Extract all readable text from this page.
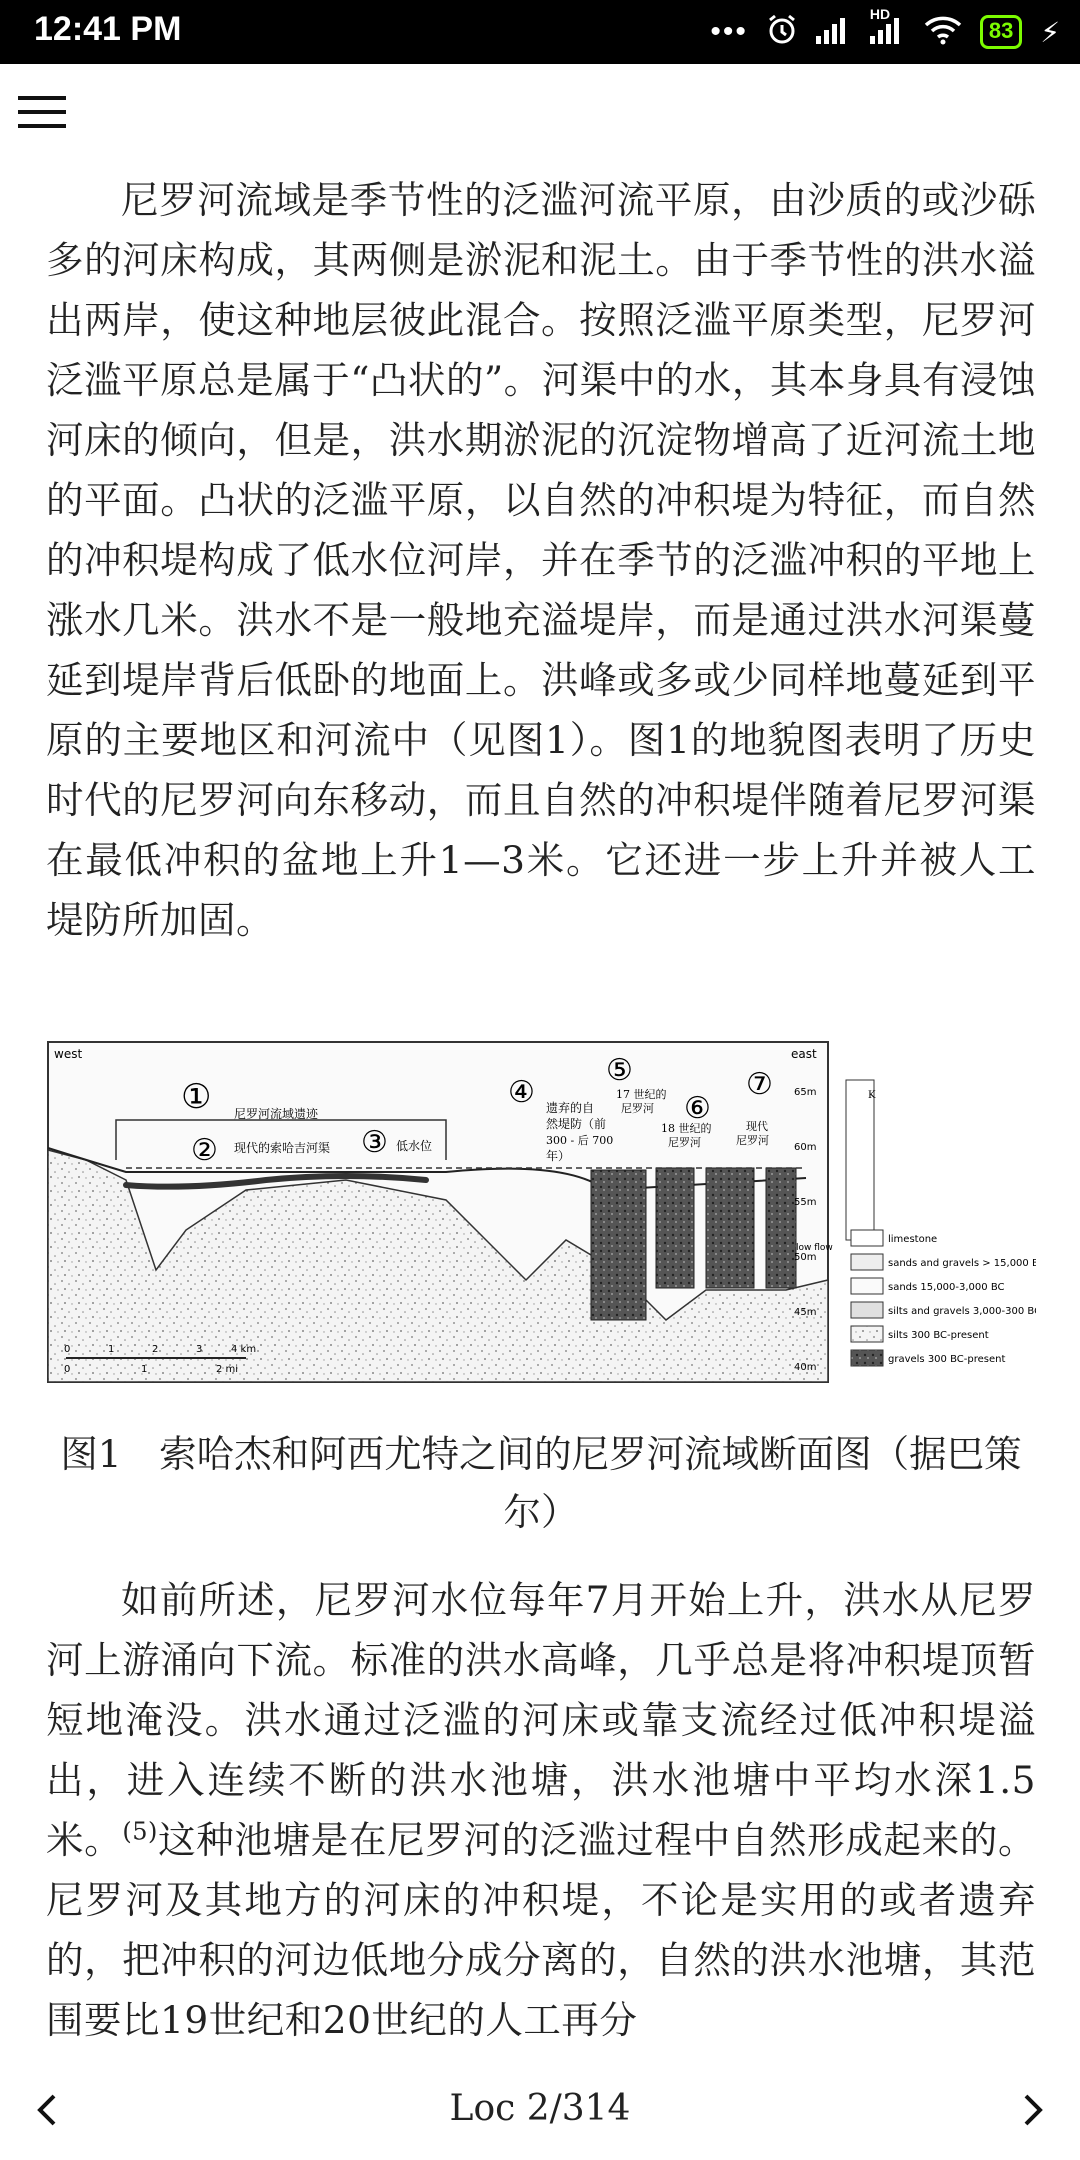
12:41 PM	•••
HD
83 ⚡

尼罗河流域是季节性的泛滥河流平原，由沙质的或沙砾多的河床构成，其两侧是淤泥和泥土。由于季节性的洪水溢出两岸，使这种地层彼此混合。按照泛滥平原类型，尼罗河泛滥平原总是属于“凸状的”。河渠中的水，其本身具有浸蚀河床的倾向，但是，洪水期淤泥的沉淀物增高了近河流土地的平面。凸状的泛滥平原，以自然的冲积堤为特征，而自然的冲积堤构成了低水位河岸，并在季节的泛滥冲积的平地上涨水几米。洪水不是一般地充溢堤岸，而是通过洪水河渠蔓延到堤岸背后低卧的地面上。洪峰或多或少同样地蔓延到平原的主要地区和河流中（见图1）。图1的地貌图表明了历史时代的尼罗河向东移动，而且自然的冲积堤伴随着尼罗河渠在最低冲积的盆地上升1—3米。它还进一步上升并被人工堤防所加固。

west	east
①
②	③
④
⑤
⑥
⑦
尼罗河流域遗迹
现代的索哈吉河渠	低水位
遗弃的自
然堤防（前
300 - 后 700
年）
17 世纪的
尼罗河
18 世纪的
尼罗河
现代
尼罗河
low flow
65m
60m
55m
50m
45m
40m
0	1	2	3	4 km
0	1	2 mi
K
limestone
sands and gravels > 15,000 BC
sands 15,000-3,000 BC
silts and gravels 3,000-300 BC
silts 300 BC-present
gravels 300 BC-present
图1　索哈杰和阿西尤特之间的尼罗河流域断面图（据巴策尔）

如前所述，尼罗河水位每年7月开始上升，洪水从尼罗河上游涌向下流。标准的洪水高峰，几乎总是将冲积堤顶暂短地淹没。洪水通过泛滥的河床或靠支流经过低冲积堤溢出，进入连续不断的洪水池塘，洪水池塘中平均水深1.5米。$^{(5)}$这种池塘是在尼罗河的泛滥过程中自然形成起来的。尼罗河及其地方的河床的冲积堤，不论是实用的或者遗弃的，把冲积的河边低地分成分离的，自然的洪水池塘，其范围要比19世纪和20世纪的人工再分

Loc 2/314
